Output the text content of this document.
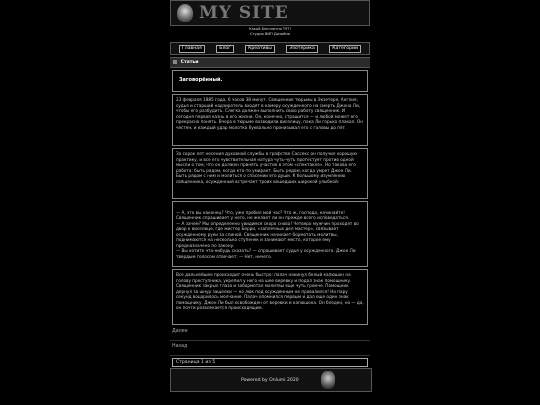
MY SITE
Какой Бесплатно ТУТ!
Студия ВИП Дизайна
Главная	Блог	Креативы	Эзотерика	Категории
Статьи
Заговорённый.
23 февраля 1885 года, 6 часов 38 минут. Священник тюрьмы в Экзетере, Англия, судья и старший надзиратель входят в камеру осужденного на смерть Джона Ли, чтобы его разбудить. Слегка должен выполнить свою работу священник. И сегодня первая казнь в его жизни. Он, конечно, страшится — и любой может его прекрасно понять. Вчера в тюрьме возводили виселицу, пока Ли горько плакал. Он честен, и каждый удар молотка буквально пронизывал его с головы до пят.
За сорок лет несения духовной службы в графстве Сассекс он получил хорошую практику, и все его чувствительная натура чуть-чуть протестует против одной мысли о том, что он должен принять участие в этом «спектакле». Но такова его работа: быть рядом, когда кто-то умирает. Быть рядом, когда умрет Джон Ли. Быть рядом с ним и молиться о спасении его души. К большому изумлению священника, осужденный встречает троих вошедших широкой улыбкой:

— А, это вы наконец? Что, уже пробил мой час? Что ж, господа, начинайте! Священник спрашивает у него, не желает ли он прежде всего исповедаться.
— А зачем? Мы определенно увидимся скоро снова! Четверо мужчин проходят во двор к виселице, где мистер Берри, «заплечных дел мастер», связывает осужденному руки за спиной. Священник начинает бормотать молитвы, поднимаются на несколько ступенек и занимают место, которое ему предназначено по закону.
— Вы хотите что-нибудь сказать? — спрашивает судья у осужденного. Джон Ли твердым голосом отвечает: — Нет, ничего.

Все дальнейшее происходит очень быстро: палач накинул белый капюшон на голову преступника, укрепил у него на шее веревку и подал знак помощнику. Священник закрыл глаза и забормотал молитвы еще чуть громче. Помощник дернул за шнур защелки — но люк под осужденным не провалился! На пару секунд воцарилось молчание. Палач опомнился первым и дал еще один знак помощнику. Джон Ли был освобожден от веревки и капюшона. Он бледен, но — да, он почти развлекается происходящим.
Далее
Назад
Страница 1 из 5
Powered by Onlumi 2020
